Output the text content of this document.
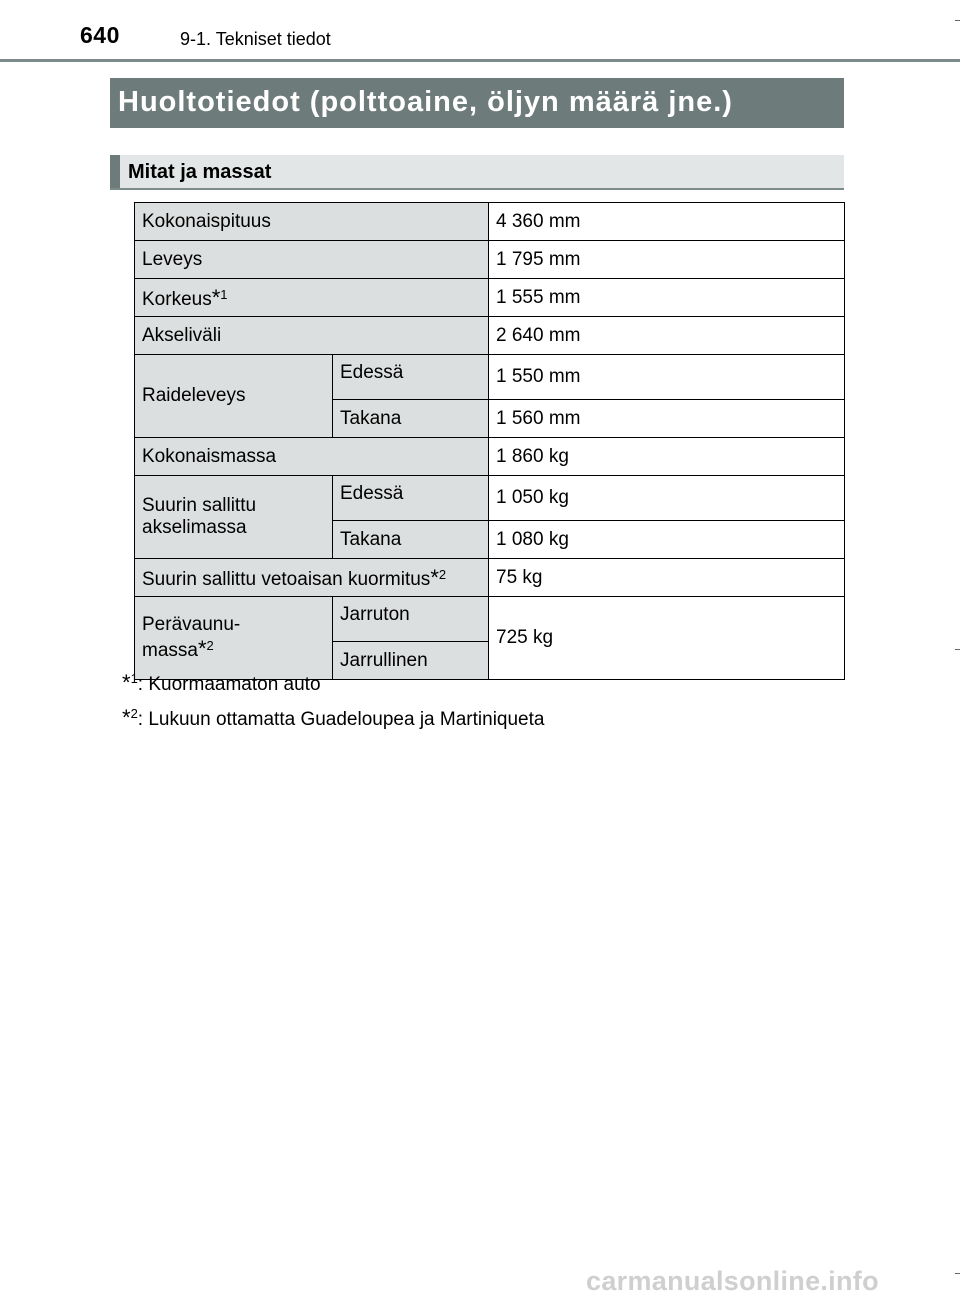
640	9-1. Tekniset tiedot
Huoltotiedot (polttoaine, öljyn määrä jne.)
Mitat ja massat
Kokonaispituus		4 360 mm
Leveys		1 795 mm
Korkeus*$^1$		1 555 mm
Akseliväli		2 640 mm
Raideleveys	Edessä	1 550 mm
	Takana	1 560 mm
Kokonaismassa		1 860 kg
Suurin sallittu akselimassa	Edessä	1 050 kg
	Takana	1 080 kg
Suurin sallittu vetoaisan kuormitus*$^2$		75 kg
Perävaunu-
massa*$^2$	Jarruton	725 kg
	Jarrullinen	
*$^1$: Kuormaamaton auto
*$^2$: Lukuun ottamatta Guadeloupea ja Martiniqueta
carmanualsonline.info
